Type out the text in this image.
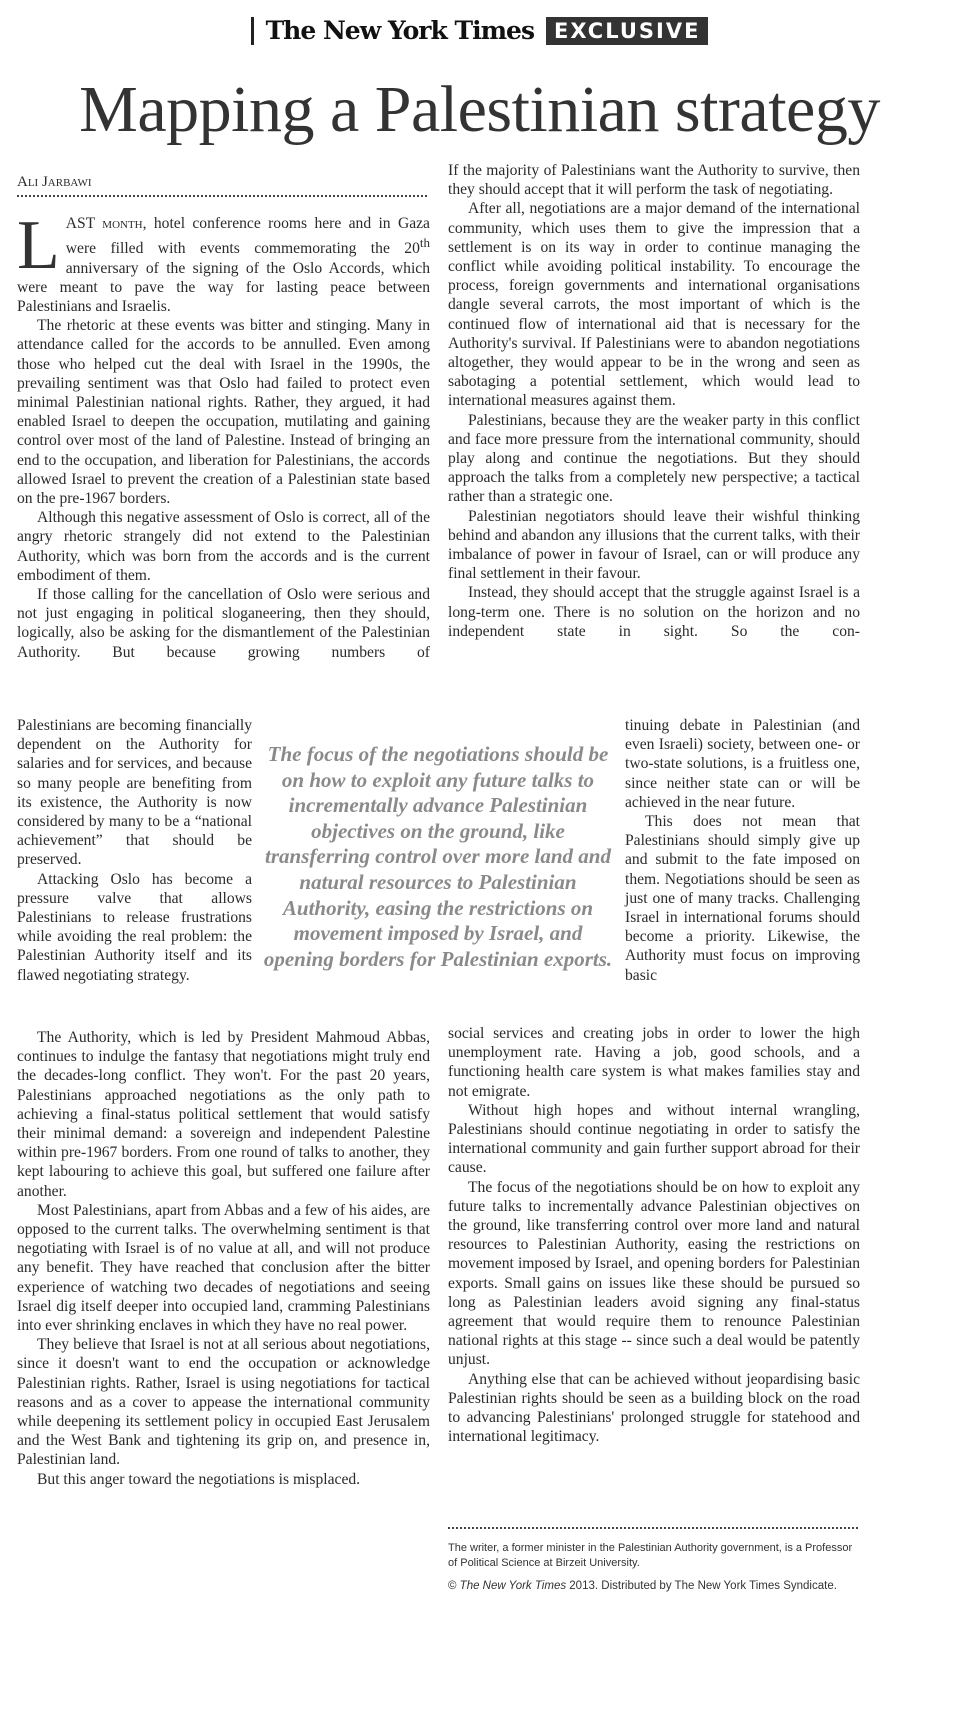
The New York Times EXCLUSIVE
Mapping a Palestinian strategy
Ali Jarbawi

LAST month, hotel conference rooms here and in Gaza were filled with events commemorating the 20th anniversary of the signing of the Oslo Accords, which were meant to pave the way for lasting peace between Palestinians and Israelis.

The rhetoric at these events was bitter and stinging. Many in attendance called for the accords to be annulled. Even among those who helped cut the deal with Israel in the 1990s, the prevailing sentiment was that Oslo had failed to protect even minimal Palestinian national rights. Rather, they argued, it had enabled Israel to deepen the occupation, mutilating and gaining control over most of the land of Palestine. Instead of bringing an end to the occupation, and liberation for Palestinians, the accords allowed Israel to prevent the creation of a Palestinian state based on the pre-1967 borders.

Although this negative assessment of Oslo is correct, all of the angry rhetoric strangely did not extend to the Palestinian Authority, which was born from the accords and is the current embodiment of them.

If those calling for the cancellation of Oslo were serious and not just engaging in political sloganeering, then they should, logically, also be asking for the dismantlement of the Palestinian Authority. But because growing numbers of

Palestinians are becoming financially dependent on the Authority for salaries and for services, and because so many people are benefiting from its existence, the Authority is now considered by many to be a “national achievement” that should be preserved.

Attacking Oslo has become a pressure valve that allows Palestinians to release frustrations while avoiding the real problem: the Palestinian Authority itself and its flawed negotiating strategy.

The Authority, which is led by President Mahmoud Abbas, continues to indulge the fantasy that negotiations might truly end the decades-long conflict. They won't. For the past 20 years, Palestinians approached negotiations as the only path to achieving a final-status political settlement that would satisfy their minimal demand: a sovereign and independent Palestine within pre-1967 borders. From one round of talks to another, they kept labouring to achieve this goal, but suffered one failure after another.

Most Palestinians, apart from Abbas and a few of his aides, are opposed to the current talks. The overwhelming sentiment is that negotiating with Israel is of no value at all, and will not produce any benefit. They have reached that conclusion after the bitter experience of watching two decades of negotiations and seeing Israel dig itself deeper into occupied land, cramming Palestinians into ever shrinking enclaves in which they have no real power.

They believe that Israel is not at all serious about negotiations, since it doesn't want to end the occupation or acknowledge Palestinian rights. Rather, Israel is using negotiations for tactical reasons and as a cover to appease the international community while deepening its settlement policy in occupied East Jerusalem and the West Bank and tightening its grip on, and presence in, Palestinian land.

But this anger toward the negotiations is misplaced.

The focus of the negotiations should be on how to exploit any future talks to incrementally advance Palestinian objectives on the ground, like transferring control over more land and natural resources to Palestinian Authority, easing the restrictions on movement imposed by Israel, and opening borders for Palestinian exports.

If the majority of Palestinians want the Authority to survive, then they should accept that it will perform the task of negotiating.

After all, negotiations are a major demand of the international community, which uses them to give the impression that a settlement is on its way in order to continue managing the conflict while avoiding political instability. To encourage the process, foreign governments and international organisations dangle several carrots, the most important of which is the continued flow of international aid that is necessary for the Authority's survival. If Palestinians were to abandon negotiations altogether, they would appear to be in the wrong and seen as sabotaging a potential settlement, which would lead to international measures against them.

Palestinians, because they are the weaker party in this conflict and face more pressure from the international community, should play along and continue the negotiations. But they should approach the talks from a completely new perspective; a tactical rather than a strategic one.

Palestinian negotiators should leave their wishful thinking behind and abandon any illusions that the current talks, with their imbalance of power in favour of Israel, can or will produce any final settlement in their favour.

Instead, they should accept that the struggle against Israel is a long-term one. There is no solution on the horizon and no independent state in sight. So the con-

tinuing debate in Palestinian (and even Israeli) society, between one- or two-state solutions, is a fruitless one, since neither state can or will be achieved in the near future.

This does not mean that Palestinians should simply give up and submit to the fate imposed on them. Negotiations should be seen as just one of many tracks. Challenging Israel in international forums should become a priority. Likewise, the Authority must focus on improving basic

social services and creating jobs in order to lower the high unemployment rate. Having a job, good schools, and a functioning health care system is what makes families stay and not emigrate.

Without high hopes and without internal wrangling, Palestinians should continue negotiating in order to satisfy the international community and gain further support abroad for their cause.

The focus of the negotiations should be on how to exploit any future talks to incrementally advance Palestinian objectives on the ground, like transferring control over more land and natural resources to Palestinian Authority, easing the restrictions on movement imposed by Israel, and opening borders for Palestinian exports. Small gains on issues like these should be pursued so long as Palestinian leaders avoid signing any final-status agreement that would require them to renounce Palestinian national rights at this stage -- since such a deal would be patently unjust.

Anything else that can be achieved without jeopardising basic Palestinian rights should be seen as a building block on the road to advancing Palestinians' prolonged struggle for statehood and international legitimacy.

The writer, a former minister in the Palestinian Authority government, is a Professor of Political Science at Birzeit University.
© The New York Times 2013. Distributed by The New York Times Syndicate.
